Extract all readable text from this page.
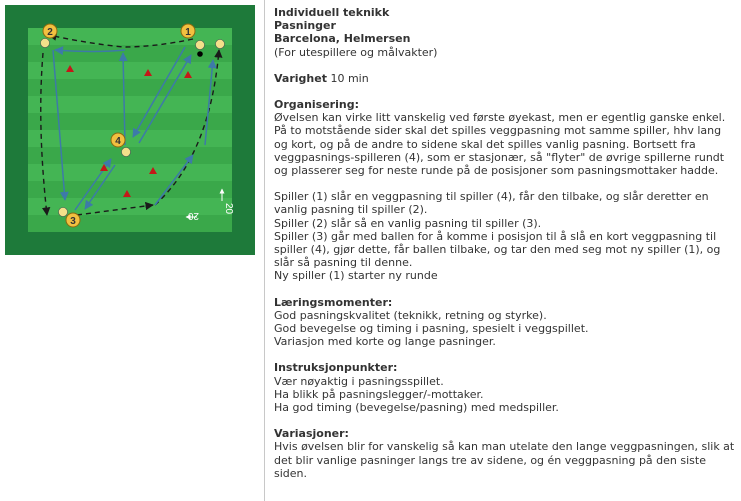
1
2
3
4
20
20
Individuell teknikk
Pasninger
Barcelona, Helmersen
(For utespillere og målvakter)
Varighet 10 min
Organisering:
Øvelsen kan virke litt vanskelig ved første øyekast, men er egentlig ganske enkel. På to motstående sider skal det spilles veggpasning mot samme spiller, hhv lang og kort, og på de andre to sidene skal det spilles vanlig pasning. Bortsett fra veggpasnings-spilleren (4), som er stasjonær, så "flyter" de øvrige spillerne rundt og plasserer seg for neste runde på de posisjoner som pasningsmottaker hadde.
Spiller (1) slår en veggpasning til spiller (4), får den tilbake, og slår deretter en vanlig pasning til spiller (2).
Spiller (2) slår så en vanlig pasning til spiller (3).
Spiller (3) går med ballen for å komme i posisjon til å slå en kort veggpasning til spiller (4), gjør dette, får ballen tilbake, og tar den med seg mot ny spiller (1), og slår så pasning til denne.
Ny spiller (1) starter ny runde
Læringsmomenter:
God pasningskvalitet (teknikk, retning og styrke).
God bevegelse og timing i pasning, spesielt i veggspillet.
Variasjon med korte og lange pasninger.
Instruksjonpunkter:
Vær nøyaktig i pasningsspillet.
Ha blikk på pasningslegger/-mottaker.
Ha god timing (bevegelse/pasning) med medspiller.
Variasjoner:
Hvis øvelsen blir for vanskelig så kan man utelate den lange veggpasningen, slik at det blir vanlige pasninger langs tre av sidene, og én veggpasning på den siste siden.
